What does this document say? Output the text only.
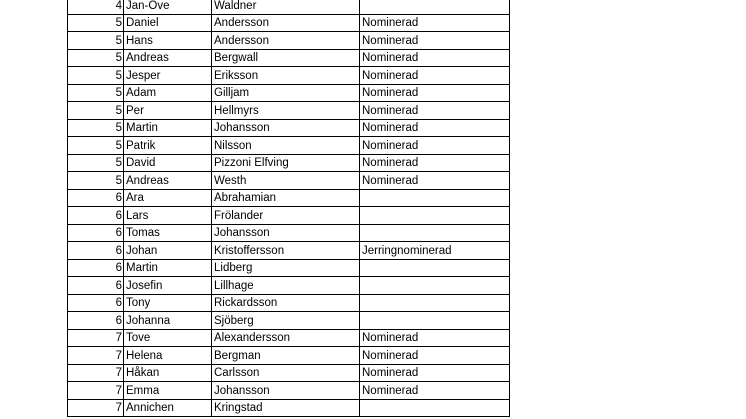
4	Jan-Ove	Waldner	
5	Daniel	Andersson	Nominerad
5	Hans	Andersson	Nominerad
5	Andreas	Bergwall	Nominerad
5	Jesper	Eriksson	Nominerad
5	Adam	Gilljam	Nominerad
5	Per	Hellmyrs	Nominerad
5	Martin	Johansson	Nominerad
5	Patrik	Nilsson	Nominerad
5	David	Pizzoni Elfving	Nominerad
5	Andreas	Westh	Nominerad
6	Ara	Abrahamian	
6	Lars	Frölander	
6	Tomas	Johansson	
6	Johan	Kristoffersson	Jerringnominerad
6	Martin	Lidberg	
6	Josefin	Lillhage	
6	Tony	Rickardsson	
6	Johanna	Sjöberg	
7	Tove	Alexandersson	Nominerad
7	Helena	Bergman	Nominerad
7	Håkan	Carlsson	Nominerad
7	Emma	Johansson	Nominerad
7	Annichen	Kringstad	
